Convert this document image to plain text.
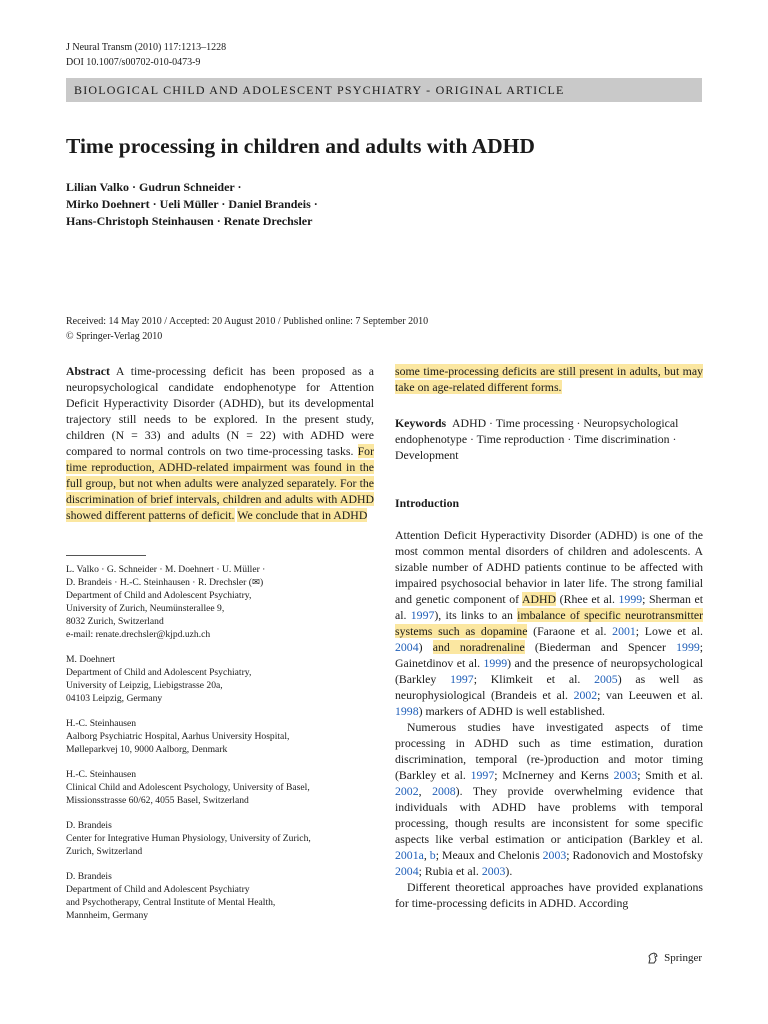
J Neural Transm (2010) 117:1213–1228
DOI 10.1007/s00702-010-0473-9
BIOLOGICAL CHILD AND ADOLESCENT PSYCHIATRY - ORIGINAL ARTICLE
Time processing in children and adults with ADHD
Lilian Valko · Gudrun Schneider ·
Mirko Doehnert · Ueli Müller · Daniel Brandeis ·
Hans-Christoph Steinhausen · Renate Drechsler
Received: 14 May 2010 / Accepted: 20 August 2010 / Published online: 7 September 2010
© Springer-Verlag 2010

Abstract A time-processing deficit has been proposed as a neuropsychological candidate endophenotype for Attention Deficit Hyperactivity Disorder (ADHD), but its developmental trajectory still needs to be explored. In the present study, children (N = 33) and adults (N = 22) with ADHD were compared to normal controls on two time-processing tasks. For time reproduction, ADHD-related impairment was found in the full group, but not when adults were analyzed separately. For the discrimination of brief intervals, children and adults with ADHD showed different patterns of deficit. We conclude that in ADHD

L. Valko · G. Schneider · M. Doehnert · U. Müller ·
D. Brandeis · H.-C. Steinhausen · R. Drechsler (✉)
Department of Child and Adolescent Psychiatry,
University of Zurich, Neumünsterallee 9,
8032 Zurich, Switzerland
e-mail: renate.drechsler@kjpd.uzh.ch
M. Doehnert
Department of Child and Adolescent Psychiatry,
University of Leipzig, Liebigstrasse 20a,
04103 Leipzig, Germany
H.-C. Steinhausen
Aalborg Psychiatric Hospital, Aarhus University Hospital,
Mølleparkvej 10, 9000 Aalborg, Denmark
H.-C. Steinhausen
Clinical Child and Adolescent Psychology, University of Basel,
Missionsstrasse 60/62, 4055 Basel, Switzerland
D. Brandeis
Center for Integrative Human Physiology, University of Zurich,
Zurich, Switzerland
D. Brandeis
Department of Child and Adolescent Psychiatry
and Psychotherapy, Central Institute of Mental Health,
Mannheim, Germany

some time-processing deficits are still present in adults, but may take on age-related different forms.

Keywords ADHD · Time processing · Neuropsychological endophenotype · Time reproduction · Time discrimination · Development

Introduction

Attention Deficit Hyperactivity Disorder (ADHD) is one of the most common mental disorders of children and adolescents. A sizable number of ADHD patients continue to be affected with impaired psychosocial behavior in later life. The strong familial and genetic component of ADHD (Rhee et al. 1999; Sherman et al. 1997), its links to an imbalance of specific neurotransmitter systems such as dopamine (Faraone et al. 2001; Lowe et al. 2004) and noradrenaline (Biederman and Spencer 1999; Gainetdinov et al. 1999) and the presence of neuropsychological (Barkley 1997; Klimkeit et al. 2005) as well as neurophysiological (Brandeis et al. 2002; van Leeuwen et al. 1998) markers of ADHD is well established.

Numerous studies have investigated aspects of time processing in ADHD such as time estimation, duration discrimination, temporal (re-)production and motor timing (Barkley et al. 1997; McInerney and Kerns 2003; Smith et al. 2002, 2008). They provide overwhelming evidence that individuals with ADHD have problems with temporal processing, though results are inconsistent for some specific aspects like verbal estimation or anticipation (Barkley et al. 2001a, b; Meaux and Chelonis 2003; Radonovich and Mostofsky 2004; Rubia et al. 2003).

Different theoretical approaches have provided explanations for time-processing deficits in ADHD. According

Springer
